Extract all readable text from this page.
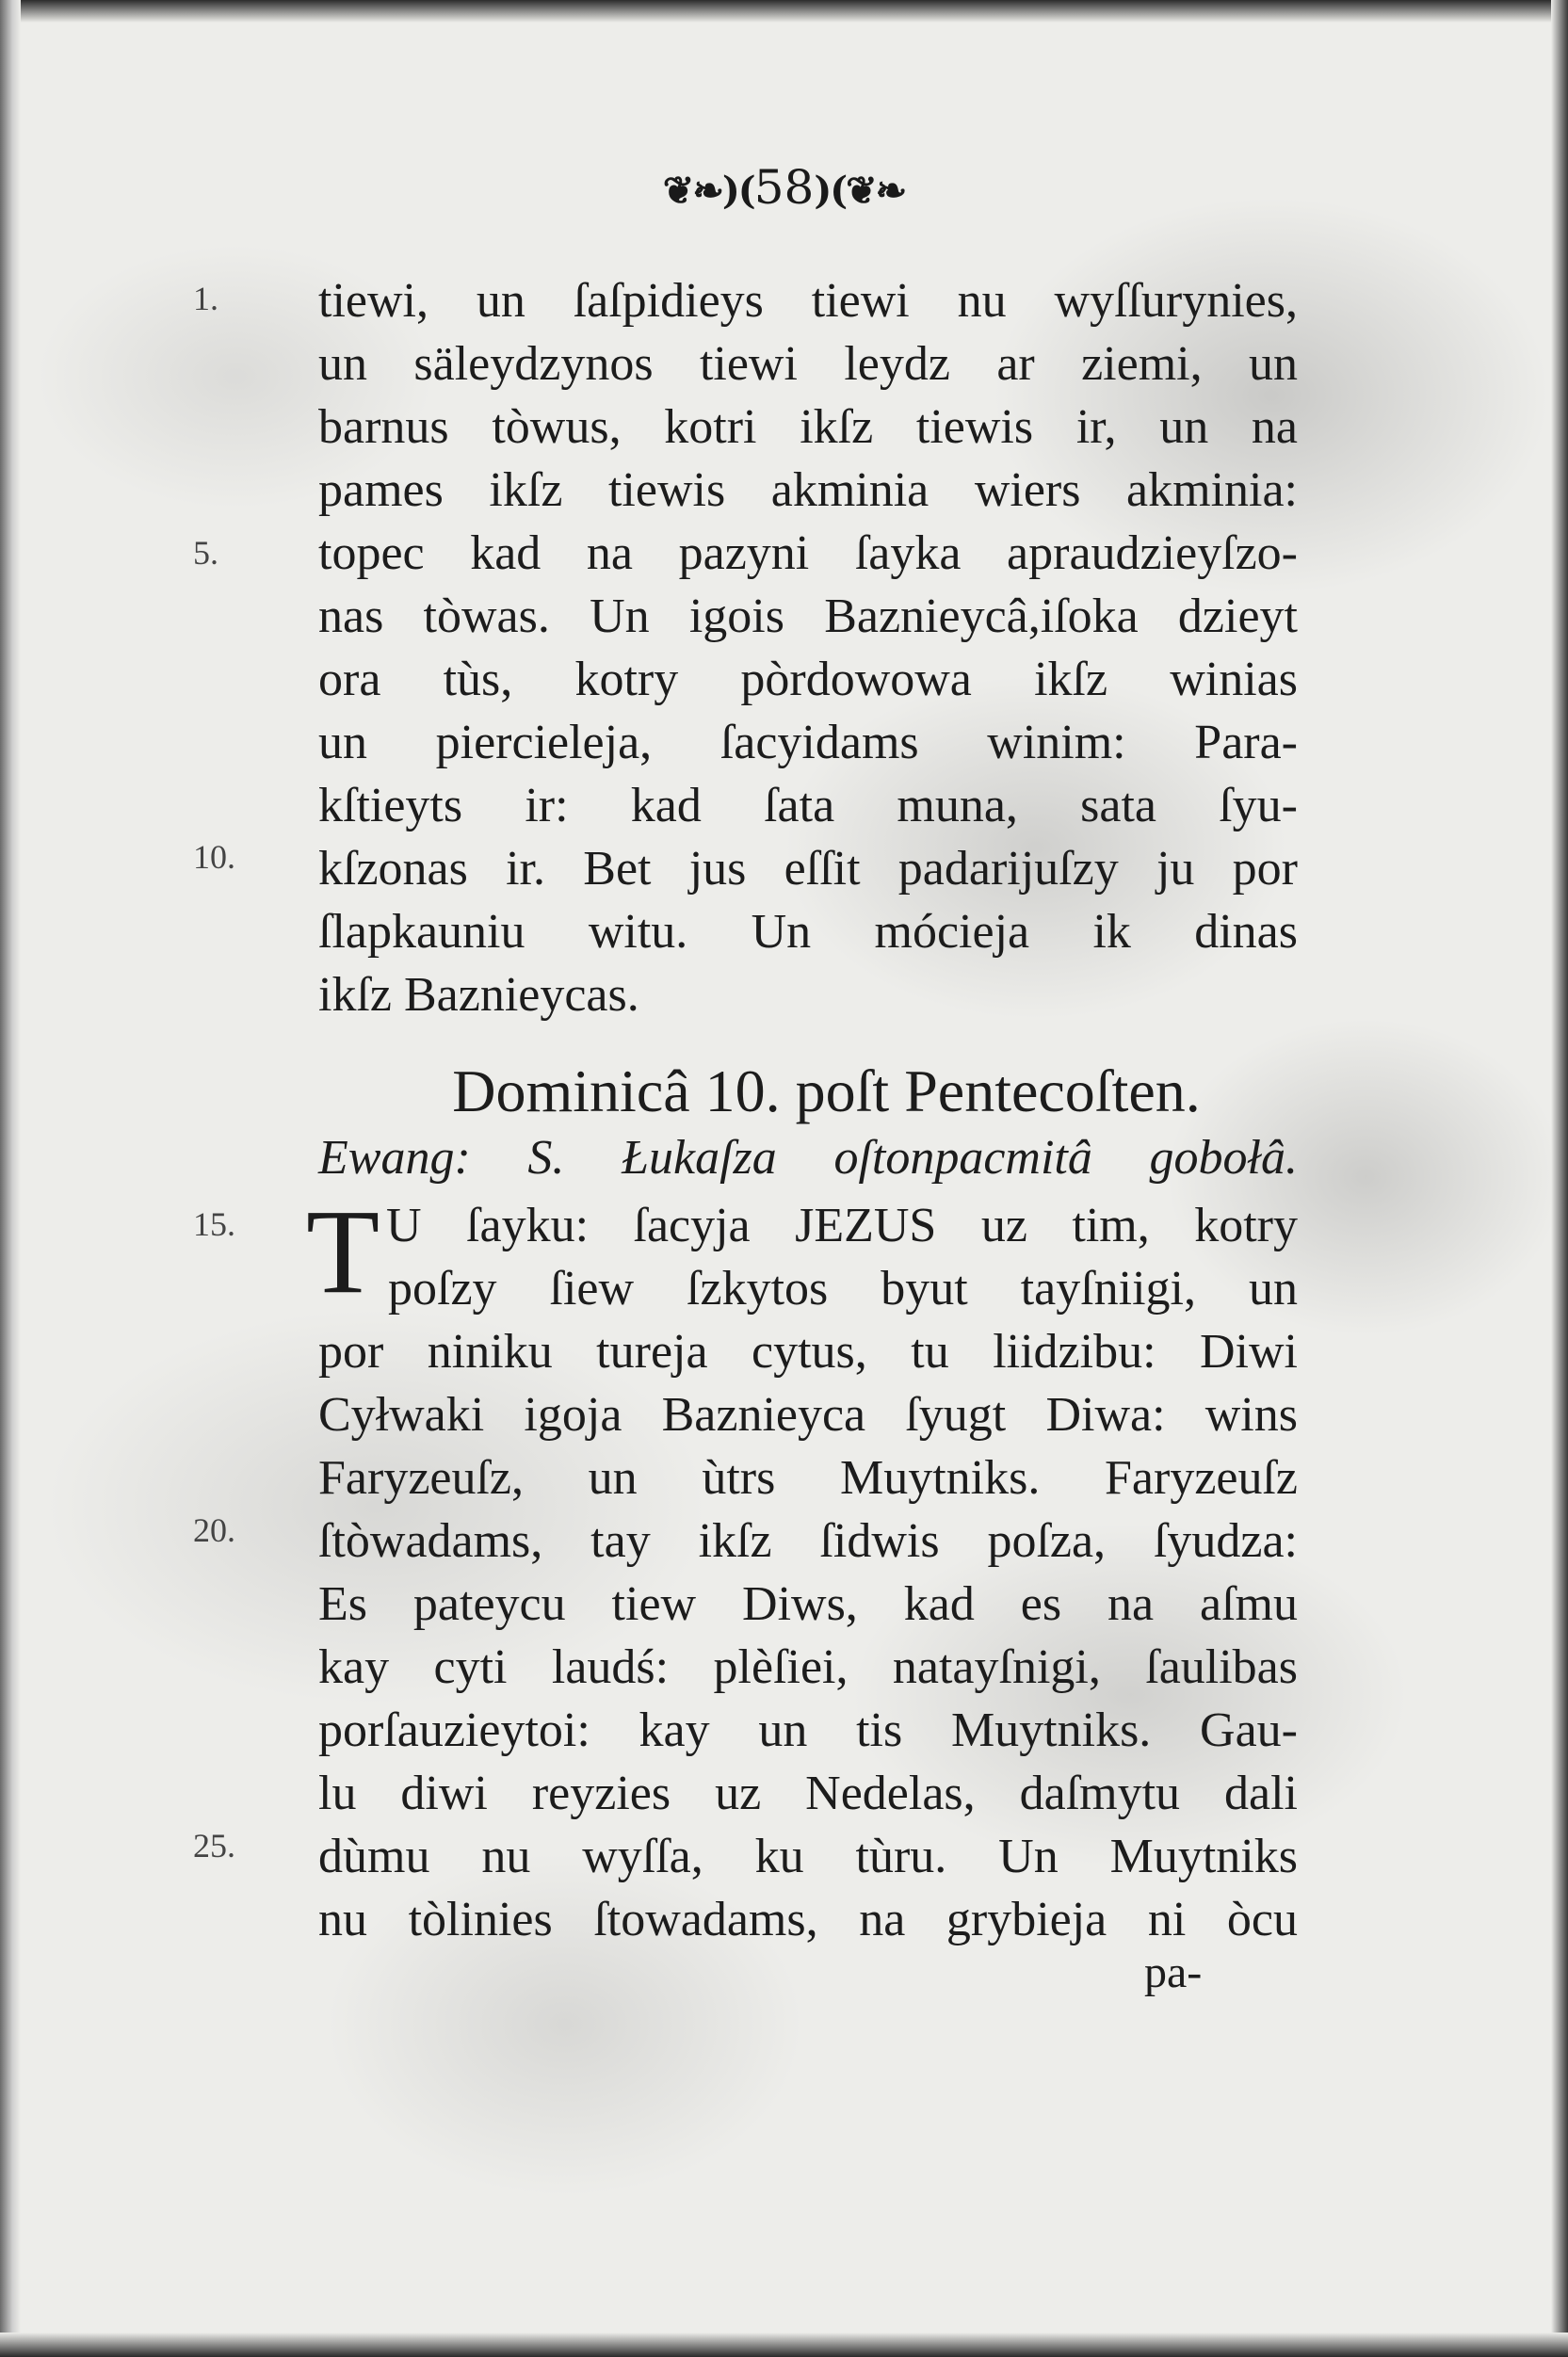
❦❧)(58)(❦❧
1.
5.
10.
15.
20.
25.
tiewi, un ſaſpidieys tiewi nu wyſſurynies,
un säleydzynos tiewi leydz ar ziemi, un
barnus tòwus, kotri ikſz tiewis ir, un na
pames ikſz tiewis akminia wiers akminia:
topec kad na pazyni ſayka apraudzieyſzo-
nas tòwas. Un igois Baznieycâ,iſoka dzieyt
ora tùs, kotry pòrdowowa ikſz winias
un piercieleja, ſacyidams winim: Para-
kſtieyts ir: kad ſata muna, sata ſyu-
kſzonas ir. Bet jus eſſit padarijuſzy ju por
ſlapkauniu witu. Un mócieja ik dinas
ikſz Baznieycas.
Dominicâ 10. poſt Pentecoſten.
Ewang: S. Łukaſza oſtonpacmitâ gobołâ.
T U ſayku: ſacyja JEZUS uz tim, kotry
poſzy ſiew ſzkytos byut tayſniigi, un
por niniku tureja cytus, tu liidzibu: Diwi
Cyłwaki igoja Baznieyca ſyugt Diwa: wins
Faryzeuſz, un ùtrs Muytniks. Faryzeuſz
ſtòwadams, tay ikſz ſidwis poſza, ſyudza:
Es pateycu tiew Diws, kad es na aſmu
kay cyti laudś: plèſiei, natayſnigi, ſaulibas
porſauzieytoi: kay un tis Muytniks. Gau-
lu diwi reyzies uz Nedelas, daſmytu dali
dùmu nu wyſſa, ku tùru. Un Muytniks
nu tòlinies ſtowadams, na grybieja ni òcu
pa-
